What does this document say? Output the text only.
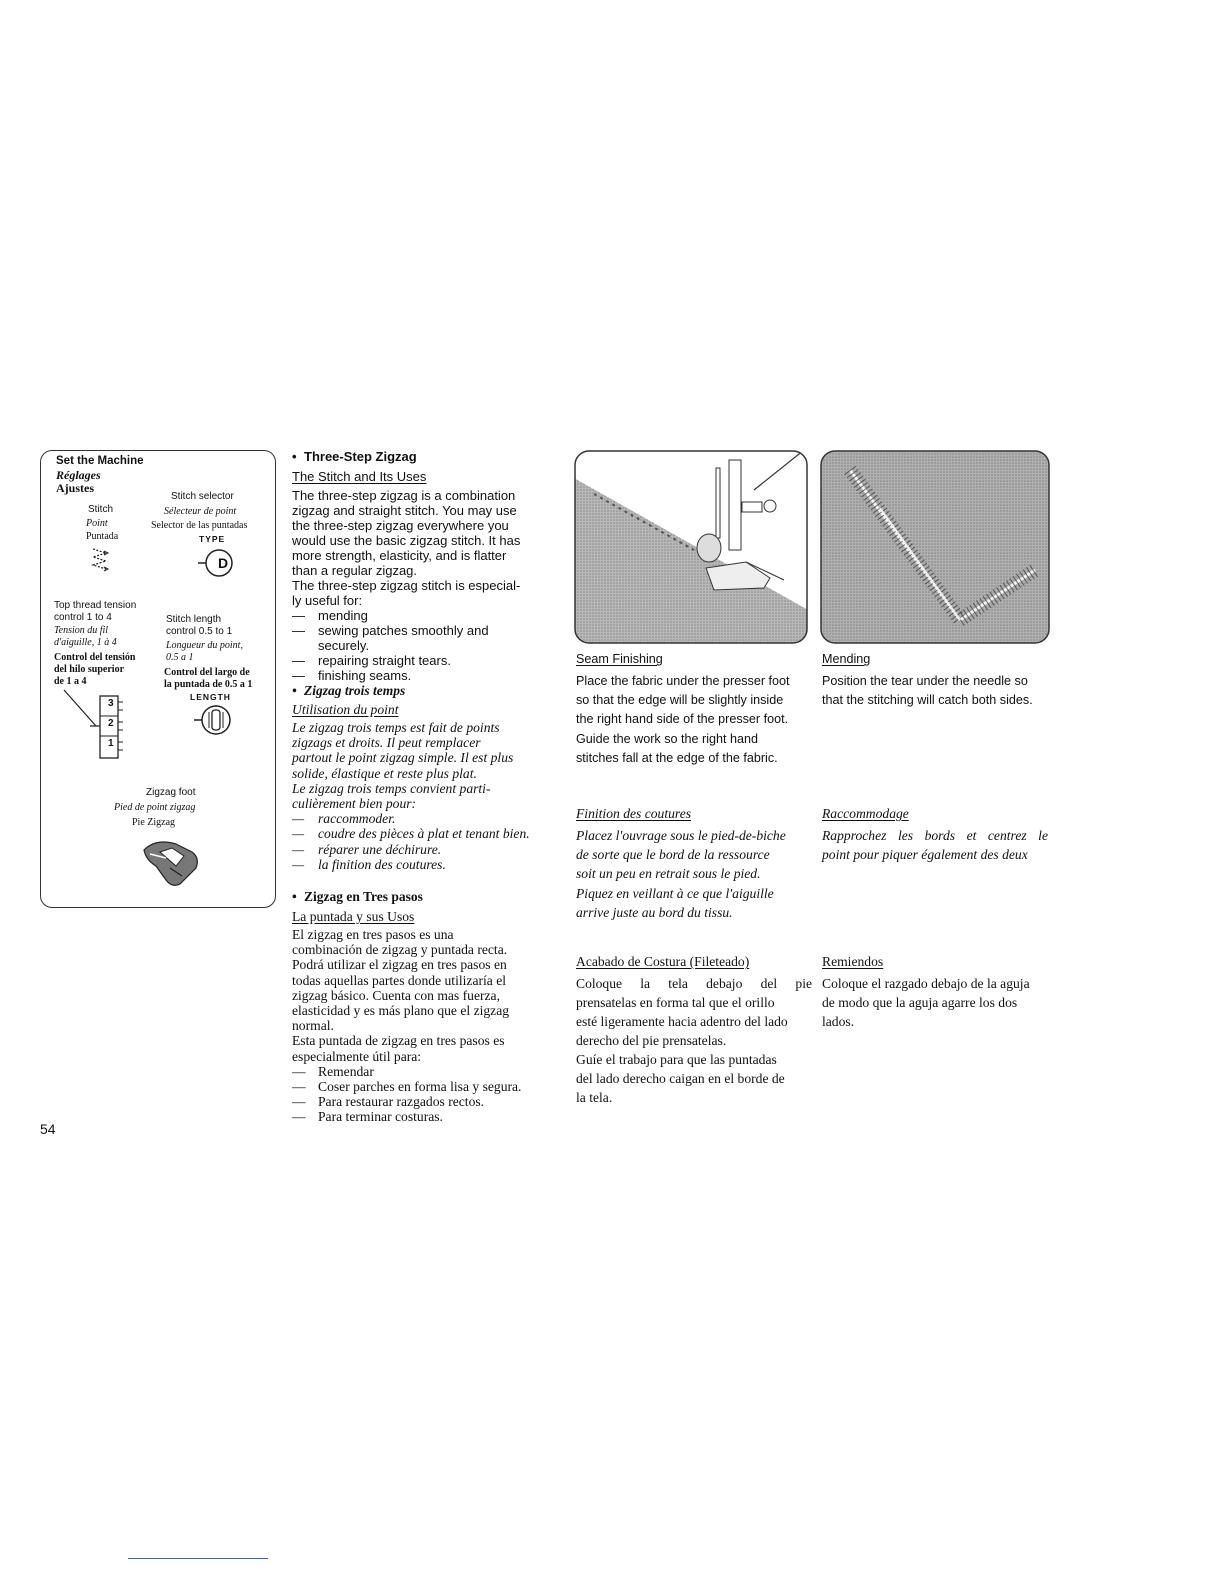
Set the Machine
Réglages
Ajustes
Stitch
Point
Puntada
Stitch selector
Sélecteur de point
Selector de las puntadas
TYPE
D
Top thread tension
control 1 to 4
Tension du fil
d'aiguille, 1 à 4
Control del tensión
del hilo superior
de 1 a 4
3
2
1
Stitch length
control 0.5 to 1
Longueur du point,
0.5 a 1
Control del largo de
la puntada de 0.5 a 1
LENGTH
Zigzag foot
Pied de point zigzag
Pie Zigzag
• Three-Step Zigzag
The Stitch and Its Uses

The three-step zigzag is a combination

zigzag and straight stitch. You may use

the three-step zigzag everywhere you

would use the basic zigzag stitch. It has

more strength, elasticity, and is flatter

than a regular zigzag.

The three-step zigzag stitch is especial-

ly useful for:

—	mending
—	sewing patches smoothly and securely.
—	repairing straight tears.
—	finishing seams.
• Zigzag trois temps
Utilisation du point

Le zigzag trois temps est fait de points

zigzags et droits. Il peut remplacer

partout le point zigzag simple. Il est plus

solide, élastique et reste plus plat.

Le zigzag trois temps convient parti-

culièrement bien pour:

—	raccommoder.
—	coudre des pièces à plat et tenant bien.
—	réparer une déchirure.
—	la finition des coutures.
• Zigzag en Tres pasos
La puntada y sus Usos

El zigzag en tres pasos es una

combinación de zigzag y puntada recta.

Podrá utilizar el zigzag en tres pasos en

todas aquellas partes donde utilizaría el

zigzag básico. Cuenta con mas fuerza,

elasticidad y es más plano que el zigzag

normal.

Esta puntada de zigzag en tres pasos es

especialmente útil para:

— Remendar
— Coser parches en forma lisa y segura.
— Para restaurar razgados rectos.
— Para terminar costuras.
54
Seam Finishing
Place the fabric under the presser foot
so that the edge will be slightly inside
the right hand side of the presser foot.
Guide the work so the right hand
stitches fall at the edge of the fabric.
Finition des coutures
Placez l'ouvrage sous le pied-de-biche
de sorte que le bord de la ressource
soit un peu en retrait sous le pied.
Piquez en veillant à ce que l'aiguille
arrive juste au bord du tissu.
Acabado de Costura (Fileteado)
Coloque la tela debajo del pie
prensatelas en forma tal que el orillo
esté ligeramente hacia adentro del lado
derecho del pie prensatelas.
Guíe el trabajo para que las puntadas
del lado derecho caigan en el borde de
la tela.
Mending
Position the tear under the needle so
that the stitching will catch both sides.
Raccommodage
Rapprochez les bords et centrez le
point pour piquer également des deux
Remiendos
Coloque el razgado debajo de la aguja
de modo que la aguja agarre los dos
lados.
